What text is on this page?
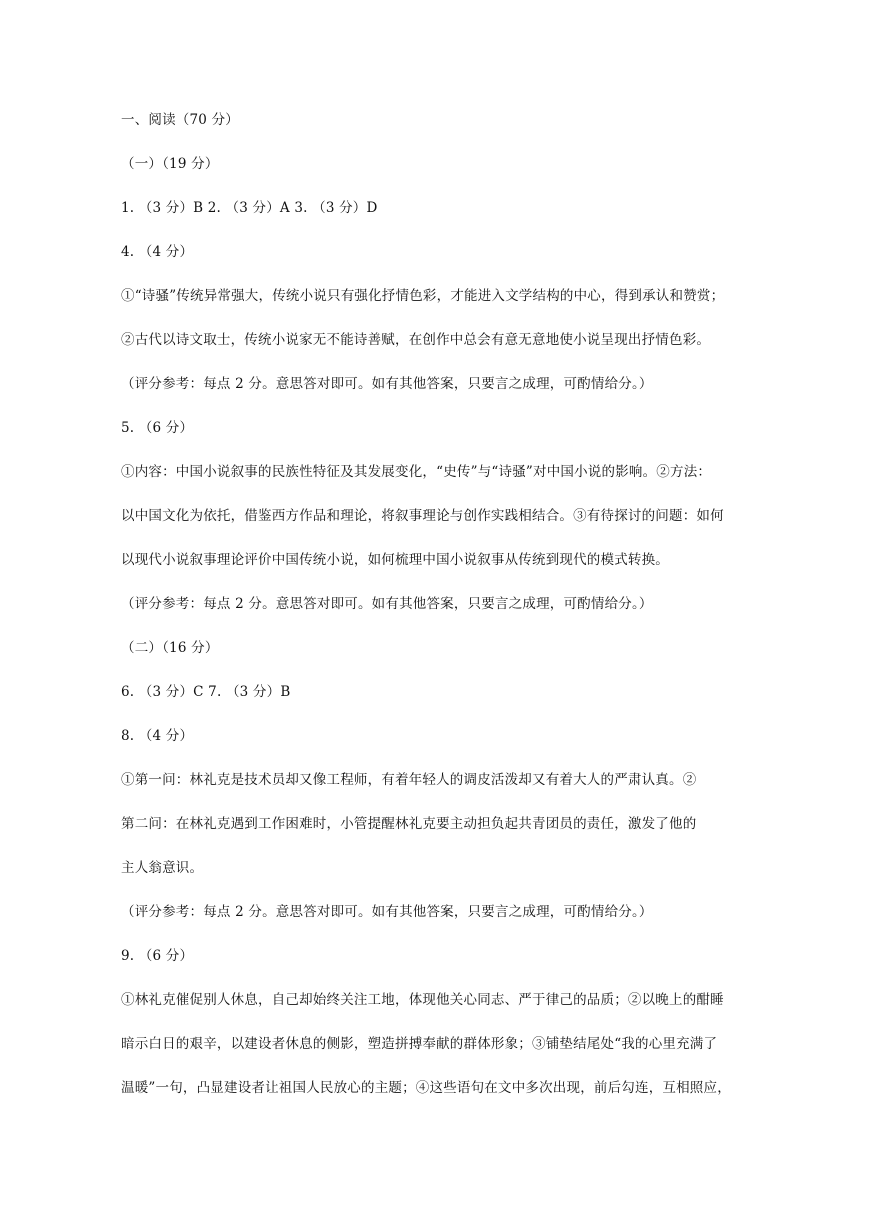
一、阅读（70 分）
（一）（19 分）
1. （3 分）B 2. （3 分）A 3. （3 分）D
4. （4 分）
①“诗骚”传统异常强大，传统小说只有强化抒情色彩，才能进入文学结构的中心，得到承认和赞赏；
②古代以诗文取士，传统小说家无不能诗善赋，在创作中总会有意无意地使小说呈现出抒情色彩。
（评分参考：每点 2 分。意思答对即可。如有其他答案，只要言之成理，可酌情给分。）
5. （6 分）
①内容：中国小说叙事的民族性特征及其发展变化，“史传”与“诗骚”对中国小说的影响。②方法：
以中国文化为依托，借鉴西方作品和理论，将叙事理论与创作实践相结合。③有待探讨的问题：如何
以现代小说叙事理论评价中国传统小说，如何梳理中国小说叙事从传统到现代的模式转换。
（评分参考：每点 2 分。意思答对即可。如有其他答案，只要言之成理，可酌情给分。）
（二）（16 分）
6. （3 分）C 7. （3 分）B
8. （4 分）
①第一问：林礼克是技术员却又像工程师，有着年轻人的调皮活泼却又有着大人的严肃认真。②
第二问：在林礼克遇到工作困难时，小管提醒林礼克要主动担负起共青团员的责任，激发了他的
主人翁意识。
（评分参考：每点 2 分。意思答对即可。如有其他答案，只要言之成理，可酌情给分。）
9. （6 分）
①林礼克催促别人休息，自己却始终关注工地，体现他关心同志、严于律己的品质；②以晚上的酣睡
暗示白日的艰辛，以建设者休息的侧影，塑造拼搏奉献的群体形象；③铺垫结尾处“我的心里充满了
温暖”一句，凸显建设者让祖国人民放心的主题；④这些语句在文中多次出现，前后勾连，互相照应，
